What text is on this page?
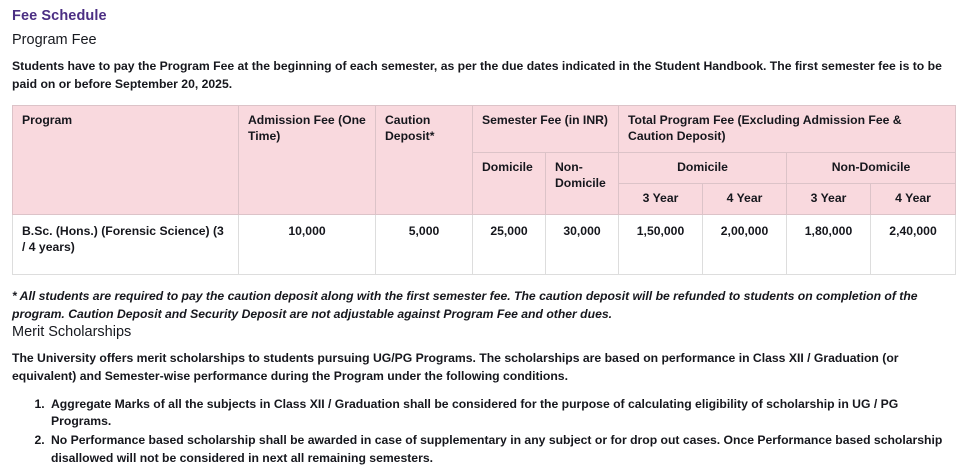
Fee Schedule
Program Fee

Students have to pay the Program Fee at the beginning of each semester, as per the due dates indicated in the Student Handbook. The first semester fee is to be paid on or before September 20, 2025.

Program	Admission Fee (One Time)	Caution Deposit*	Semester Fee (in INR)		Total Program Fee (Excluding Admission Fee & Caution Deposit)			
			Domicile	Non-Domicile	Domicile		Non-Domicile	
					3 Year	4 Year	3 Year	4 Year
B.Sc. (Hons.) (Forensic Science) (3 / 4 years)	10,000	5,000	25,000	30,000	1,50,000	2,00,000	1,80,000	2,40,000

* All students are required to pay the caution deposit along with the first semester fee. The caution deposit will be refunded to students on completion of the program. Caution Deposit and Security Deposit are not adjustable against Program Fee and other dues.

Merit Scholarships

The University offers merit scholarships to students pursuing UG/PG Programs. The scholarships are based on performance in Class XII / Graduation (or equivalent) and Semester-wise performance during the Program under the following conditions.

1. Aggregate Marks of all the subjects in Class XII / Graduation shall be considered for the purpose of calculating eligibility of scholarship in UG / PG Programs.
2. No Performance based scholarship shall be awarded in case of supplementary in any subject or for drop out cases. Once Performance based scholarship disallowed will not be considered in next all remaining semesters.
